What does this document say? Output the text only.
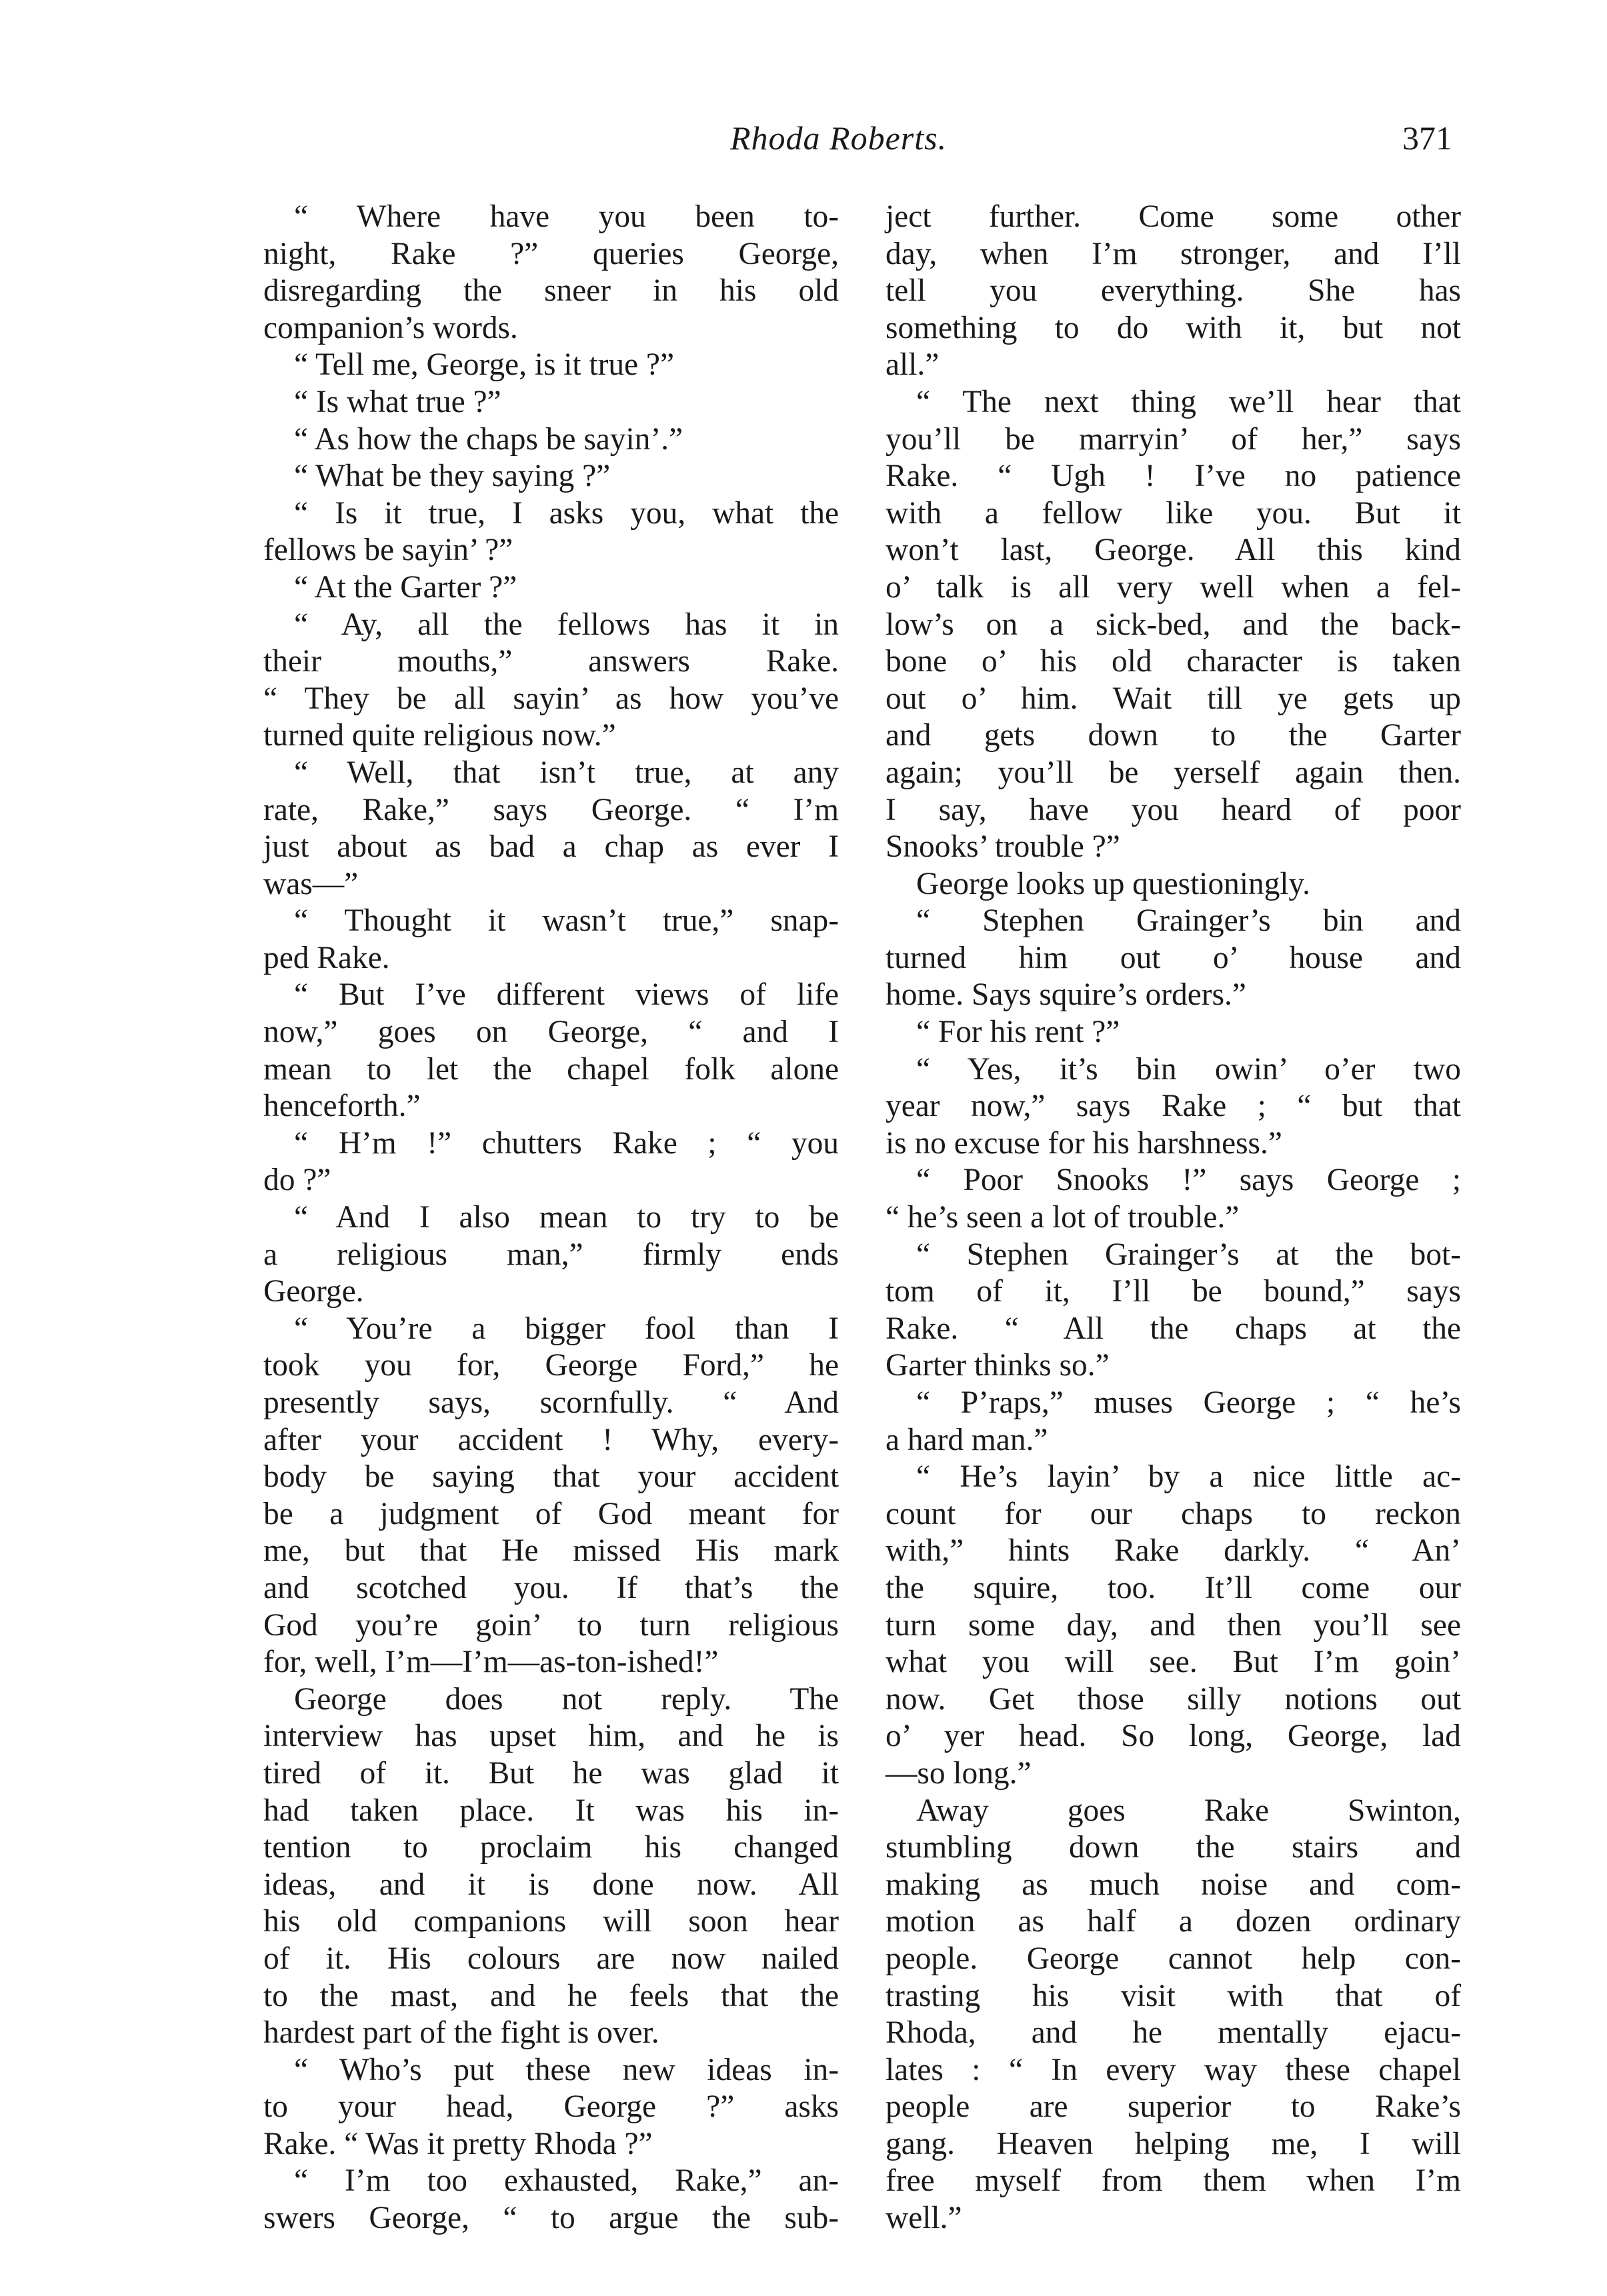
Rhoda Roberts.	371
“ Where have you been to-
night, Rake ?” queries George,
disregarding the sneer in his old
companion’s words.
“ Tell me, George, is it true ?”
“ Is what true ?”
“ As how the chaps be sayin’.”
“ What be they saying ?”
“ Is it true, I asks you, what the
fellows be sayin’ ?”
“ At the Garter ?”
“ Ay, all the fellows has it in
their mouths,” answers Rake.
“ They be all sayin’ as how you’ve
turned quite religious now.”
“ Well, that isn’t true, at any
rate, Rake,” says George. “ I’m
just about as bad a chap as ever I
was—”
“ Thought it wasn’t true,” snap-
ped Rake.
“ But I’ve different views of life
now,” goes on George, “ and I
mean to let the chapel folk alone
henceforth.”
“ H’m !” chutters Rake ; “ you
do ?”
“ And I also mean to try to be
a religious man,” firmly ends
George.
“ You’re a bigger fool than I
took you for, George Ford,” he
presently says, scornfully. “ And
after your accident ! Why, every-
body be saying that your accident
be a judgment of God meant for
me, but that He missed His mark
and scotched you. If that’s the
God you’re goin’ to turn religious
for, well, I’m—I’m—as-ton-ished!”
George does not reply. The
interview has upset him, and he is
tired of it. But he was glad it
had taken place. It was his in-
tention to proclaim his changed
ideas, and it is done now. All
his old companions will soon hear
of it. His colours are now nailed
to the mast, and he feels that the
hardest part of the fight is over.
“ Who’s put these new ideas in-
to your head, George ?” asks
Rake. “ Was it pretty Rhoda ?”
“ I’m too exhausted, Rake,” an-
swers George, “ to argue the sub-
ject further. Come some other
day, when I’m stronger, and I’ll
tell you everything. She has
something to do with it, but not
all.”
“ The next thing we’ll hear that
you’ll be marryin’ of her,” says
Rake. “ Ugh ! I’ve no patience
with a fellow like you. But it
won’t last, George. All this kind
o’ talk is all very well when a fel-
low’s on a sick-bed, and the back-
bone o’ his old character is taken
out o’ him. Wait till ye gets up
and gets down to the Garter
again; you’ll be yerself again then.
I say, have you heard of poor
Snooks’ trouble ?”
George looks up questioningly.
“ Stephen Grainger’s bin and
turned him out o’ house and
home. Says squire’s orders.”
“ For his rent ?”
“ Yes, it’s bin owin’ o’er two
year now,” says Rake ; “ but that
is no excuse for his harshness.”
“ Poor Snooks !” says George ;
“ he’s seen a lot of trouble.”
“ Stephen Grainger’s at the bot-
tom of it, I’ll be bound,” says
Rake. “ All the chaps at the
Garter thinks so.”
“ P’raps,” muses George ; “ he’s
a hard man.”
“ He’s layin’ by a nice little ac-
count for our chaps to reckon
with,” hints Rake darkly. “ An’
the squire, too. It’ll come our
turn some day, and then you’ll see
what you will see. But I’m goin’
now. Get those silly notions out
o’ yer head. So long, George, lad
—so long.”
Away goes Rake Swinton,
stumbling down the stairs and
making as much noise and com-
motion as half a dozen ordinary
people. George cannot help con-
trasting his visit with that of
Rhoda, and he mentally ejacu-
lates : “ In every way these chapel
people are superior to Rake’s
gang. Heaven helping me, I will
free myself from them when I’m
well.”
